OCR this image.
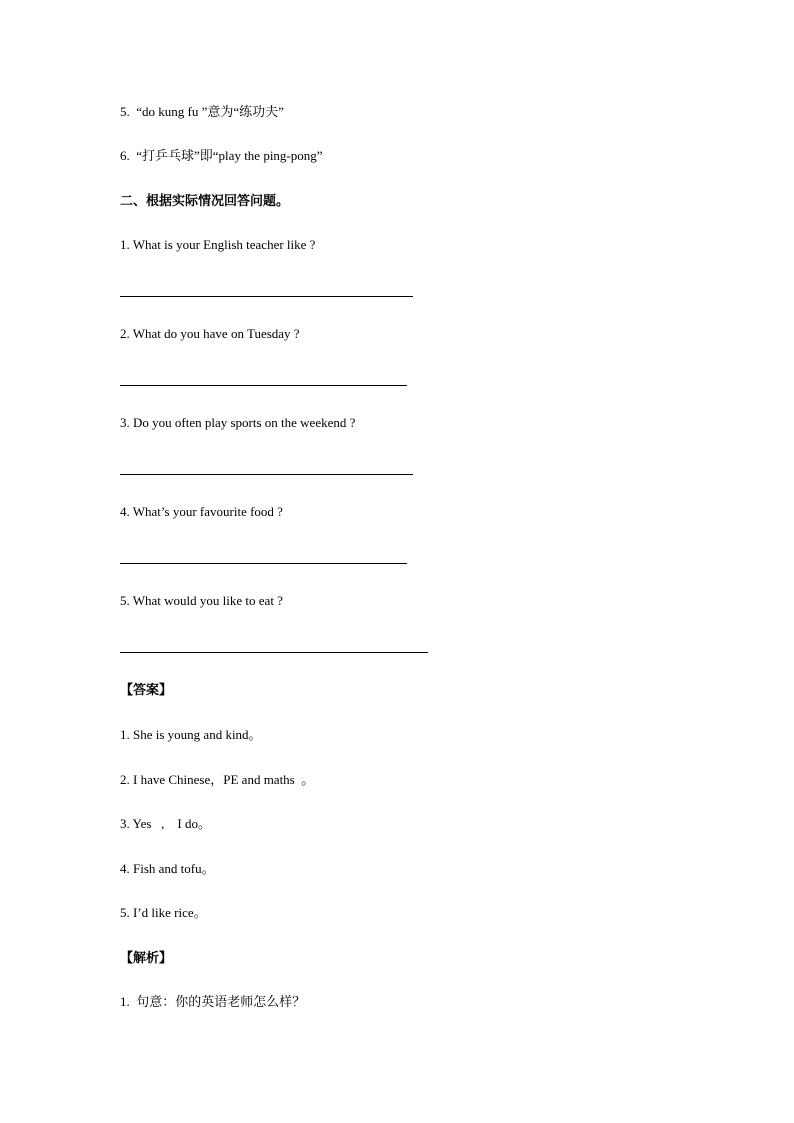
5.  “do kung fu ”意为“练功夫”
6.  “打乒乓球”即“play the ping-pong”
二、根据实际情况回答问题。
1. What is your English teacher like ?
2. What do you have on Tuesday ?
3. Do you often play sports on the weekend ?
4. What’s your favourite food ?
5. What would you like to eat ?
【答案】
1. She is young and kind。
2. I have Chinese，PE and maths  。
3. Yes   ,    I do。
4. Fish and tofu。
5. I’d like rice。
【解析】
1.  句意：你的英语老师怎么样？
